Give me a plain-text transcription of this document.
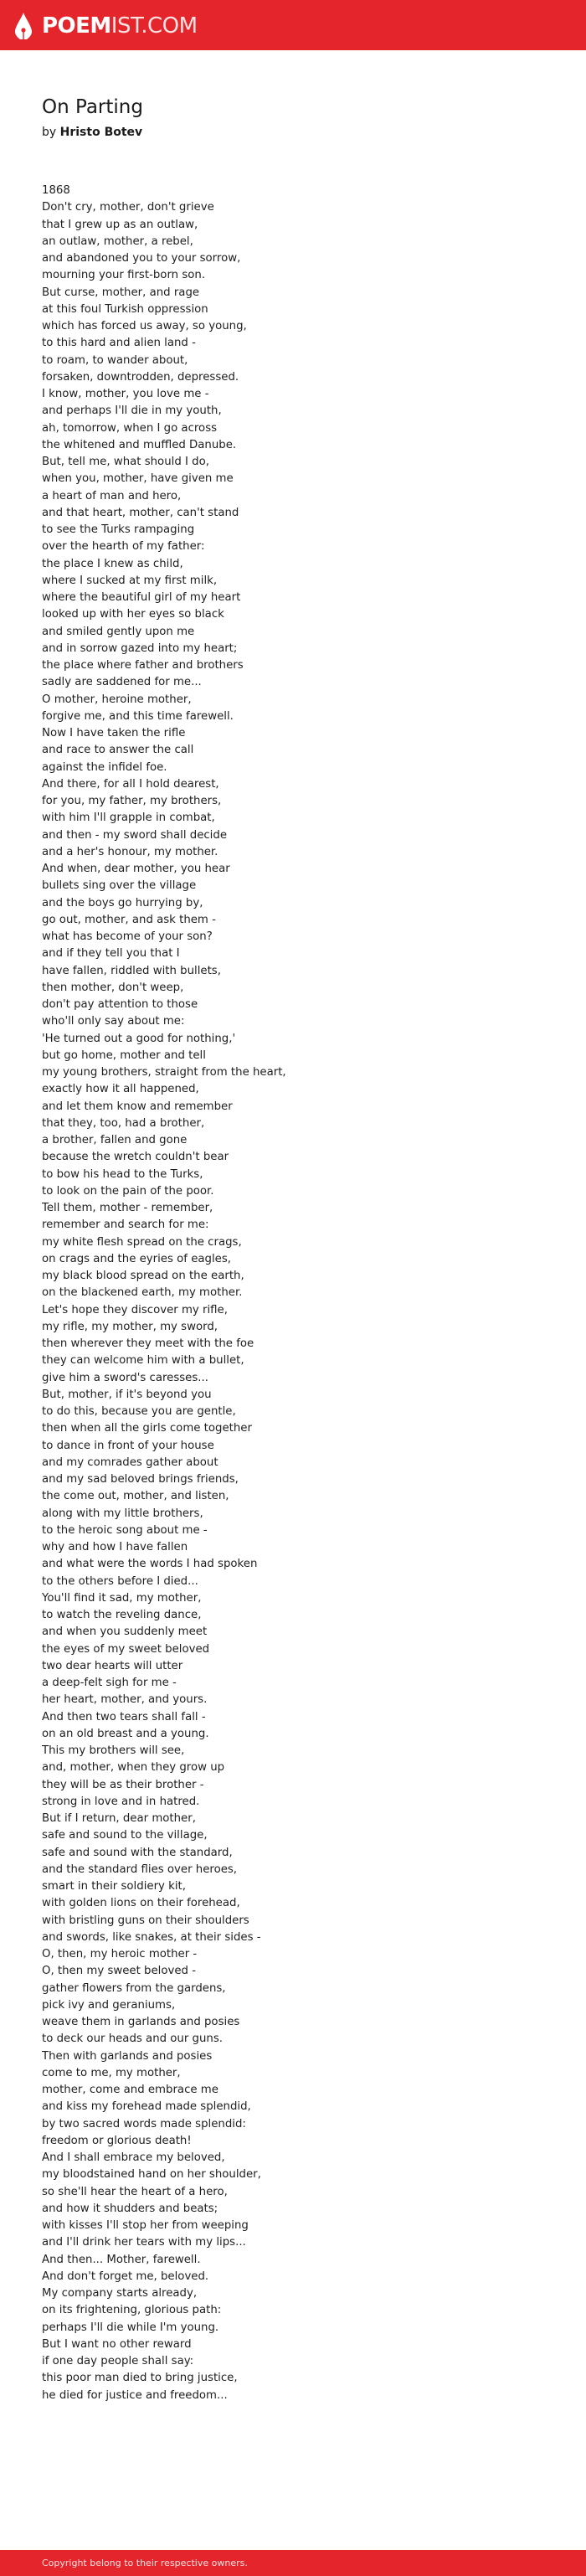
POEMIST.COM
On Parting
by Hristo Botev
1868
Don't cry, mother, don't grieve
that I grew up as an outlaw,
an outlaw, mother, a rebel,
and abandoned you to your sorrow,
mourning your first-born son.
But curse, mother, and rage
at this foul Turkish oppression
which has forced us away, so young,
to this hard and alien land -
to roam, to wander about,
forsaken, downtrodden, depressed.
I know, mother, you love me -
and perhaps I'll die in my youth,
ah, tomorrow, when I go across
the whitened and muffled Danube.
But, tell me, what should I do,
when you, mother, have given me
a heart of man and hero,
and that heart, mother, can't stand
to see the Turks rampaging
over the hearth of my father:
the place I knew as child,
where I sucked at my first milk,
where the beautiful girl of my heart
looked up with her eyes so black
and smiled gently upon me
and in sorrow gazed into my heart;
the place where father and brothers
sadly are saddened for me...
O mother, heroine mother,
forgive me, and this time farewell.
Now I have taken the rifle
and race to answer the call
against the infidel foe.
And there, for all I hold dearest,
for you, my father, my brothers,
with him I'll grapple in combat,
and then - my sword shall decide
and a her's honour, my mother.
And when, dear mother, you hear
bullets sing over the village
and the boys go hurrying by,
go out, mother, and ask them -
what has become of your son?
and if they tell you that I
have fallen, riddled with bullets,
then mother, don't weep,
don't pay attention to those
who'll only say about me:
'He turned out a good for nothing,'
but go home, mother and tell
my young brothers, straight from the heart,
exactly how it all happened,
and let them know and remember
that they, too, had a brother,
a brother, fallen and gone
because the wretch couldn't bear
to bow his head to the Turks,
to look on the pain of the poor.
Tell them, mother - remember,
remember and search for me:
my white flesh spread on the crags,
on crags and the eyries of eagles,
my black blood spread on the earth,
on the blackened earth, my mother.
Let's hope they discover my rifle,
my rifle, my mother, my sword,
then wherever they meet with the foe
they can welcome him with a bullet,
give him a sword's caresses...
But, mother, if it's beyond you
to do this, because you are gentle,
then when all the girls come together
to dance in front of your house
and my comrades gather about
and my sad beloved brings friends,
the come out, mother, and listen,
along with my little brothers,
to the heroic song about me -
why and how I have fallen
and what were the words I had spoken
to the others before I died...
You'll find it sad, my mother,
to watch the reveling dance,
and when you suddenly meet
the eyes of my sweet beloved
two dear hearts will utter
a deep-felt sigh for me -
her heart, mother, and yours.
And then two tears shall fall -
on an old breast and a young.
This my brothers will see,
and, mother, when they grow up
they will be as their brother -
strong in love and in hatred.
But if I return, dear mother,
safe and sound to the village,
safe and sound with the standard,
and the standard flies over heroes,
smart in their soldiery kit,
with golden lions on their forehead,
with bristling guns on their shoulders
and swords, like snakes, at their sides -
O, then, my heroic mother -
O, then my sweet beloved -
gather flowers from the gardens,
pick ivy and geraniums,
weave them in garlands and posies
to deck our heads and our guns.
Then with garlands and posies
come to me, my mother,
mother, come and embrace me
and kiss my forehead made splendid,
by two sacred words made splendid:
freedom or glorious death!
And I shall embrace my beloved,
my bloodstained hand on her shoulder,
so she'll hear the heart of a hero,
and how it shudders and beats;
with kisses I'll stop her from weeping
and I'll drink her tears with my lips...
And then... Mother, farewell.
And don't forget me, beloved.
My company starts already,
on its frightening, glorious path:
perhaps I'll die while I'm young.
But I want no other reward
if one day people shall say:
this poor man died to bring justice,
he died for justice and freedom...
Copyright belong to their respective owners.
